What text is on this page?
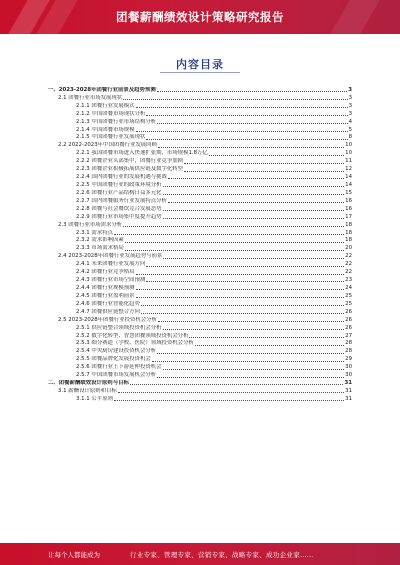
团餐薪酬绩效设计策略研究报告
内容目录
一、2023-2028年团餐行业前景及趋势预测	3
2.1 团餐行业市场发展现状	3
2.1.1 团餐行业发展模式	3
2.1.2 中国团餐市场现状分析	3
2.1.3 中国团餐行业市场结构分析	4
2.1.4 中国团餐市场规模	5
2.1.5 中国团餐行业发展现状	8
2.2 2022-2023年中国团餐行业发展回顾	10
2.2.1 我国团餐市场进入快速扩张期，市场规模1.8万亿	10
2.2.2 团餐企业头部集中，团餐行业竞争加剧	11
2.2.3 团餐企业积极拓展供应链及数字化转型	12
2.2.4 国内团餐行业的发展机遇与挑战	14
2.2.5 中国团餐行业的政策环境分析	14
2.2.6 团餐行业产品结构日益多元化	15
2.2.7 国内团餐服务行业发展特点分析	16
2.2.8 团餐与社会餐饮竞合发展态势	16
2.2.9 团餐行业市场集中度提升趋势	17
2.3 团餐行业市场需求分析	18
2.3.1 需求特点	18
2.3.2 需求影响因素	18
2.3.3 市场需求格局	20
2.4 2023-2028年团餐行业发展趋势与前景	22
2.4.1 未来团餐行业发展方向	22
2.4.2 团餐行业竞争格局	22
2.4.3 团餐行业市场空间预测	23
2.4.4 团餐行业规模预测	24
2.4.5 团餐行业盈利前景	25
2.4.6 团餐行业智能化趋势	25
2.4.7 团餐供应链整合方向	26
2.5 2023-2028年团餐行业投资机会分析	26
2.5.1 供应链整合领域投资机会分析	26
2.5.2 数字化转型、智慧团餐领域投资机会分析	27
2.5.3 细分赛道（学校、医院）领域投资机会分析	28
2.5.4 中央厨房建设投资机会分析	28
2.5.5 团餐品牌化发展投资机会	29
2.5.6 团餐行业上下游延伸投资机会	30
2.5.7 中国团餐市场发展机会分析	30
二、团餐薪酬绩效设计原则与目标	31
3.1 薪酬设计原则和目标	31
3.1.1 公平原则	31
让每个人都能成为	行业专家、管理专家、营销专家、战略专家、成功企业家……
